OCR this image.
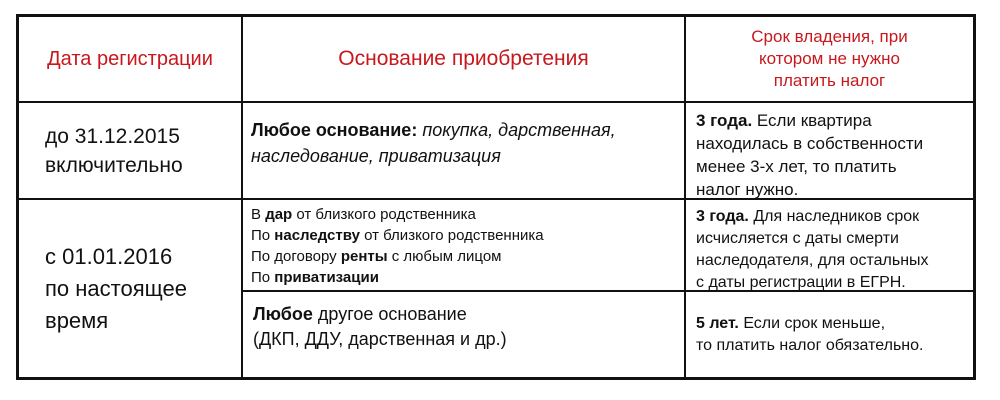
Дата регистрации	Основание приобретения
Срок владения, при
котором не нужно
платить налог
до 31.12.2015
включительно
Любое основание: покупка, дарственная,
наследование, приватизация
3 года. Если квартира
находилась в собственности
менее 3-х лет, то платить
налог нужно.
с 01.01.2016
по настоящее
время
В дар от близкого родственника
По наследству от близкого родственника
По договору ренты с любым лицом
По приватизации
Любое другое основание
(ДКП, ДДУ, дарственная и др.)
3 года. Для наследников срок
исчисляется с даты смерти
наследодателя, для остальных
с даты регистрации в ЕГРН.
5 лет. Если срок меньше,
то платить налог обязательно.
